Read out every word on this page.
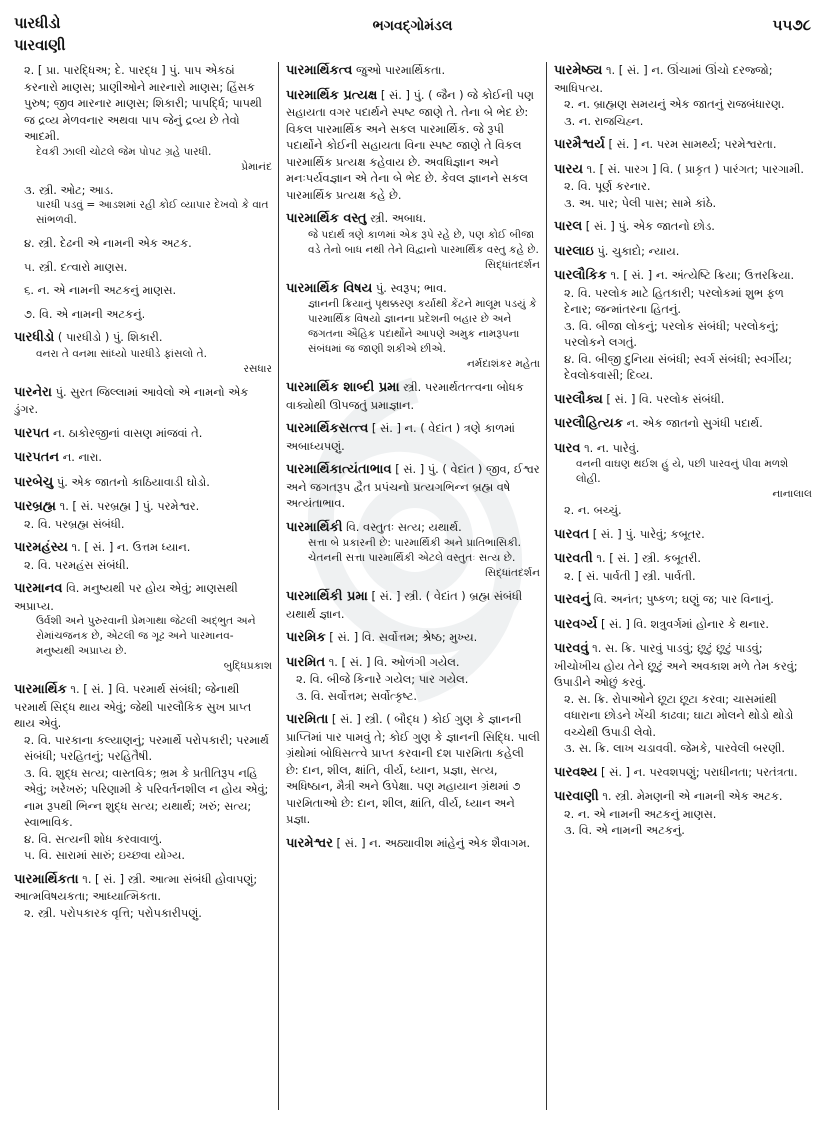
પારધીડો
પારવાણી
ભગવદ્ગોમંડલ	૫૫૭૮
૨. [ પ્રા. પારદ્ધિઅ; દે. પારદ્ધ ] પું. પાપ એકઠાં કરનારો માણસ; પ્રાણીઓને મારનારો માણસ; હિંસક પુરુષ; જીવ મારનાર માણસ; શિકારી; પાપર્દ્ધિ; પાપથી જ દ્રવ્ય મેળવનાર અથવા પાપ જેનું દ્રવ્ય છે તેવો આદમી.
દેવકી ઝાલી ચોટલે જેમ પોપટ ગ્રહે પારધી.
પ્રેમાનંદ
૩. સ્ત્રી. ઓટ; આડ.
પારધી પડવું = આડશમાં રહી કોઈ વ્યાપાર દેખવો કે વાત સાંભળવી.
૪. સ્ત્રી. દેઢની એ નામની એક અટક.
૫. સ્ત્રી. દત્વારો માણસ.
૬. ન. એ નામની અટકનું માણસ.
૭. વિ. એ નામની અટકનું.
પારધીડો ( પારધીડો ) પું. શિકારી.
વનરા તે વનમા સાંધ્યો પારધીડે ફાંસલો તે.
રસધાર
પારનેરા પું. સુરત જિલ્લામાં આવેલો એ નામનો એક ડુંગર.
પારપત ન. ઠાકોરજીનાં વાસણ માંજવાં તે.
પારપતન ન. નારા.
પારબેચુ પું. એક જાતનો કાઠિયાવાડી ઘોડો.
પારબ્રહ્મ ૧. [ સં. પરબ્રહ્મ ] પું. પરમેશ્વર.
૨. વિ. પરબ્રહ્મ સંબંધી.
પારમહંસ્ય ૧. [ સં. ] ન. ઉત્તમ ધ્યાન.
૨. વિ. પરમહંસ સંબંધી.
પારમાનવ વિ. મનુષ્યથી પર હોય એવું; માણસથી અપ્રાપ્ય.
ઉર્વશી અને પુરુરવાની પ્રેમગાથા જેટલી અદ્ભુત અને રોમાંચજનક છે, એટલી જ ગૂઢ અને પારમાનવ-મનુષ્યથી અપ્રાપ્ય છે.
બુદ્ધિપ્રકાશ
પારમાર્થિક ૧. [ સં. ] વિ. પરમાર્થ સંબંધી; જેનાથી પરમાર્થ સિદ્ધ થાય એવું; જેથી પારલૌકિક સુખ પ્રાપ્ત થાય એવું.
૨. વિ. પારકાના કલ્યાણનું; પરમાર્થે પરોપકારી; પરમાર્થ સંબંધી; પરહિતનું; પરહિતૈષી.
૩. વિ. શુદ્ધ સત્ય; વાસ્તવિક; ભ્રમ કે પ્રતીતિરૂપ નહિ એવું; ખરેખરું; પરિણામી કે પરિવર્તનશીલ ન હોય એવું; નામ રૂપથી ભિન્ન શુદ્ધ સત્ય; યથાર્થ; ખરું; સત્ય; સ્વાભાવિક.
૪. વિ. સત્યની શોધ કરવાવાળું.
૫. વિ. સારામાં સારું; ઇચ્છવા યોગ્ય.
પારમાર્થિકતા ૧. [ સં. ] સ્ત્રી. આત્મા સંબંધી હોવાપણું; આત્મવિષયકતા; આધ્યાત્મિકતા.
૨. સ્ત્રી. પરોપકારક વૃત્તિ; પરોપકારીપણું.
પારમાર્થિકત્વ જુઓ પારમાર્થિકતા.
પારમાર્થિક પ્રત્યક્ષ [ સં. ] પું. ( જૈન ) જે કોઈની પણ સહાયતા વગર પદાર્થને સ્પષ્ટ જાણે તે. તેના બે ભેદ છે: વિકલ પારમાર્થિક અને સકલ પારમાર્થિક. જે રૂપી પદાર્થોને કોઈની સહાયતા વિના સ્પષ્ટ જાણે તે વિકલ પારમાર્થિક પ્રત્યક્ષ કહેવાય છે. અવધિજ્ઞાન અને મનઃપર્યવજ્ઞાન એ તેના બે ભેદ છે. કેવલ જ્ઞાનને સકલ પારમાર્થિક પ્રત્યક્ષ કહે છે.
પારમાર્થિક વસ્તુ સ્ત્રી. અબાધ.
જે પદાર્થ ત્રણે કાળમાં એક રૂપે રહે છે, પણ કોઈ બીજા વડે તેનો બાધ નથી તેને વિદ્વાનો પારમાર્થિક વસ્તુ કહે છે.
સિદ્ધાંતદર્શન
પારમાર્થિક વિષય પું. સ્વરૂપ; ભાવ.
જ્ઞાનની ક્રિયાનું પૃથક્કરણ કર્યાથી કેંટને માલૂમ પડયું કે પારમાર્થિક વિષયો જ્ઞાનના પ્રદેશની બહાર છે અને જગતના ઐહિક પદાર્થોને આપણે અમુક નામરૂપના સંબંધમાં જ જાણી શકીએ છીએ.
નર્મદાશંકર મહેતા
પારમાર્થિક શાબ્દી પ્રમા સ્ત્રી. પરમાર્થતત્ત્વના બોધક વાક્યોથી ઊપજતું પ્રમાજ્ઞાન.
પારમાર્થિકસત્ત્વ [ સં. ] ન. ( વેદાંત ) ત્રણે કાળમાં અબાધ્યપણું.
પારમાર્થિકાત્યંતાભાવ [ સં. ] પું. ( વેદાંત ) જીવ, ઈશ્વર અને જગતરૂપ દ્વૈત પ્રપંચનો પ્રત્યગભિન્ન બ્રહ્મ વષે અત્યંતાભાવ.
પારમાર્થિકી વિ. વસ્તુતઃ સત્ય; યથાર્થ.
સત્તા બે પ્રકારની છે: પારમાર્થિકી અને પ્રાતિભાસિકી. ચેતનની સત્તા પારમાર્થિકી એટલે વસ્તુતઃ સત્ય છે.
સિદ્ધાંતદર્શન
પારમાર્થિકી પ્રમા [ સં. ] સ્ત્રી. ( વેદાંત ) બ્રહ્મ સંબંધી યથાર્થ જ્ઞાન.
પારમિક [ સં. ] વિ. સર્વોત્તમ; શ્રેષ્ઠ; મુખ્ય.
પારમિત ૧. [ સં. ] વિ. ઓળંગી ગયેલ.
૨. વિ. બીજે કિનારે ગયેલ; પાર ગયેલ.
૩. વિ. સર્વોત્તમ; સર્વોત્કૃષ્ટ.
પારમિતા [ સં. ] સ્ત્રી. ( બૌદ્ધ ) કોઈ ગુણ કે જ્ઞાનની પ્રાપ્તિમાં પાર પામવું તે; કોઈ ગુણ કે જ્ઞાનની સિદ્ધિ. પાલી ગ્રંથોમાં બોધિસત્ત્વે પ્રાપ્ત કરવાની દશ પારમિતા કહેલી છે: દાન, શીલ, ક્ષાંતિ, વીર્ય, ધ્યાન, પ્રજ્ઞા, સત્ય, અધિષ્ઠાન, મૈત્રી અને ઉપેક્ષા. પણ મહાયાન ગ્રંથમાં ૭ પારમિતાઓ છે: દાન, શીલ, ક્ષાંતિ, વીર્ય, ધ્યાન અને પ્રજ્ઞા.
પારમેશ્વર [ સં. ] ન. અઠ્યાવીશ માંહેનું એક શૈવાગમ.
પારમેષ્ઠ્ય ૧. [ સં. ] ન. ઊંચામાં ઊંચો દરજ્જો; આધિપત્ય.
૨. ન. બ્રાહ્મણ સમયનું એક જાતનું રાજબંધારણ.
૩. ન. રાજચિહ્ન.
પારમૈશ્વર્ય [ સં. ] ન. પરમ સામર્થ્ય; પરમેશ્વરતા.
પારય ૧. [ સં. પારગ ] વિ. ( પ્રાકૃત ) પારંગત; પારગામી.
૨. વિ. પૂર્ણ કરનાર.
૩. અ. પાર; પેલી પાસ; સામે કાંઠે.
પારલ [ સં. ] પું. એક જાતનો છોડ.
પારલાઇ પું. ચુકાદો; ન્યાય.
પારલૌકિક ૧. [ સં. ] ન. અંત્યેષ્ટિ ક્રિયા; ઉત્તરક્રિયા.
૨. વિ. પરલોક માટે હિતકારી; પરલોકમાં શુભ ફળ દેનાર; જન્માંતરના હિતનું.
૩. વિ. બીજા લોકનું; પરલોક સંબંધી; પરલોકનું; પરલોકને લગતું.
૪. વિ. બીજી દુનિયા સંબંધી; સ્વર્ગ સંબંધી; સ્વર્ગીય; દેવલોકવાસી; દિવ્ય.
પારલૌક્ય [ સં. ] વિ. પરલોક સંબંધી.
પારલૌહિત્યક ન. એક જાતનો સુગંધી પદાર્થ.
પારવ ૧. ન. પારેવું.
વનની વાઘણ થઈશ હું યે, પછી પારવનું પીવા મળશે લોહી.
નાનાલાલ
૨. ન. બચ્ચું.
પારવત [ સં. ] પું. પારેવું; કબૂતર.
પારવતી ૧. [ સં. ] સ્ત્રી. કબૂતરી.
૨. [ સં. પાર્વતી ] સ્ત્રી. પાર્વતી.
પારવનું વિ. અનંત; પુષ્કળ; ઘણું જ; પાર વિનાનું.
પારવર્ગ્ય [ સં. ] વિ. શત્રુવર્ગમાં હોનાર કે થનાર.
પારવવું ૧. સ. ક્રિ. પારવું પાડવું; છૂટું છૂટું પાડવું; ખીચોખીચ હોય તેને છૂટું અને અવકાશ મળે તેમ કરવું; ઉપાડીને ઓછું કરવું.
૨. સ. ક્રિ. રોપાઓને છૂટા છૂટા કરવા; ચાસમાંથી વધારાના છોડને ખેંચી કાઢવા; ઘાટા મોલને થોડો થોડો વચ્ચેથી ઉપાડી લેવો.
૩. સ. ક્રિ. લાખ ચડાવવી. જેમકે, પારવેલી બરણી.
પારવશ્ય [ સં. ] ન. પરવશપણું; પરાધીનતા; પરતંત્રતા.
પારવાણી ૧. સ્ત્રી. મેમણની એ નામની એક અટક.
૨. ન. એ નામની અટકનું માણસ.
૩. વિ. એ નામની અટકનું.
